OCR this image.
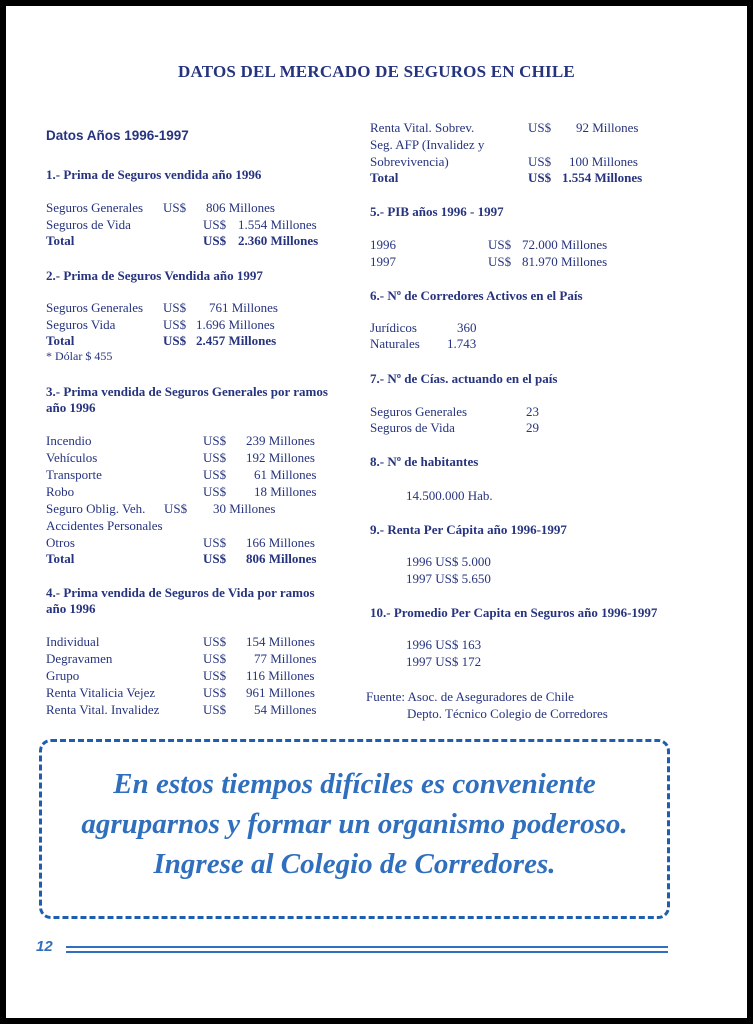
DATOS DEL MERCADO DE SEGUROS EN CHILE
Datos Años 1996-1997
1.- Prima de Seguros vendida año 1996
Seguros Generales US$ 806 Millones
Seguros de Vida	US$ 1.554 Millones
Total	US$ 2.360 Millones
2.- Prima de Seguros Vendida año 1997
Seguros Generales US$ 761 Millones
Seguros Vida	US$ 1.696 Millones
Total	US$ 2.457 Millones
* Dólar $ 455
3.- Prima vendida de Seguros Generales por ramos
año 1996
Incendio	US$ 239 Millones
Vehículos	US$ 192 Millones
Transporte	US$ 61 Millones
Robo	US$ 18 Millones
Seguro Oblig. Veh. US$ 30 Millones
Accidentes Personales
Otros	US$ 166 Millones
Total	US$ 806 Millones
4.- Prima vendida de Seguros de Vida por ramos
año 1996
Individual	US$ 154 Millones
Degravamen	US$ 77 Millones
Grupo	US$ 116 Millones
Renta Vitalicia Vejez	US$ 961 Millones
Renta Vital. Invalidez	US$ 54 Millones
Renta Vital. Sobrev.	US$ 92 Millones
Seg. AFP (Invalidez y
Sobrevivencia)	US$ 100 Millones
Total	US$ 1.554 Millones
5.- PIB años 1996 - 1997
1996	US$ 72.000 Millones
1997	US$ 81.970 Millones
6.- Nº de Corredores Activos en el País
Jurídicos	360
Naturales 1.743
7.- Nº de Cías. actuando en el país
Seguros Generales	23
Seguros de Vida	29
8.- Nº de habitantes
14.500.000 Hab.
9.- Renta Per Cápita año 1996-1997
1996 US$ 5.000
1997 US$ 5.650
10.- Promedio Per Capita en Seguros año 1996-1997
1996 US$ 163
1997 US$ 172
Fuente: Asoc. de Aseguradores de Chile
Depto. Técnico Colegio de Corredores
En estos tiempos difíciles es conveniente agruparnos y formar un organismo poderoso. Ingrese al Colegio de Corredores.
12
